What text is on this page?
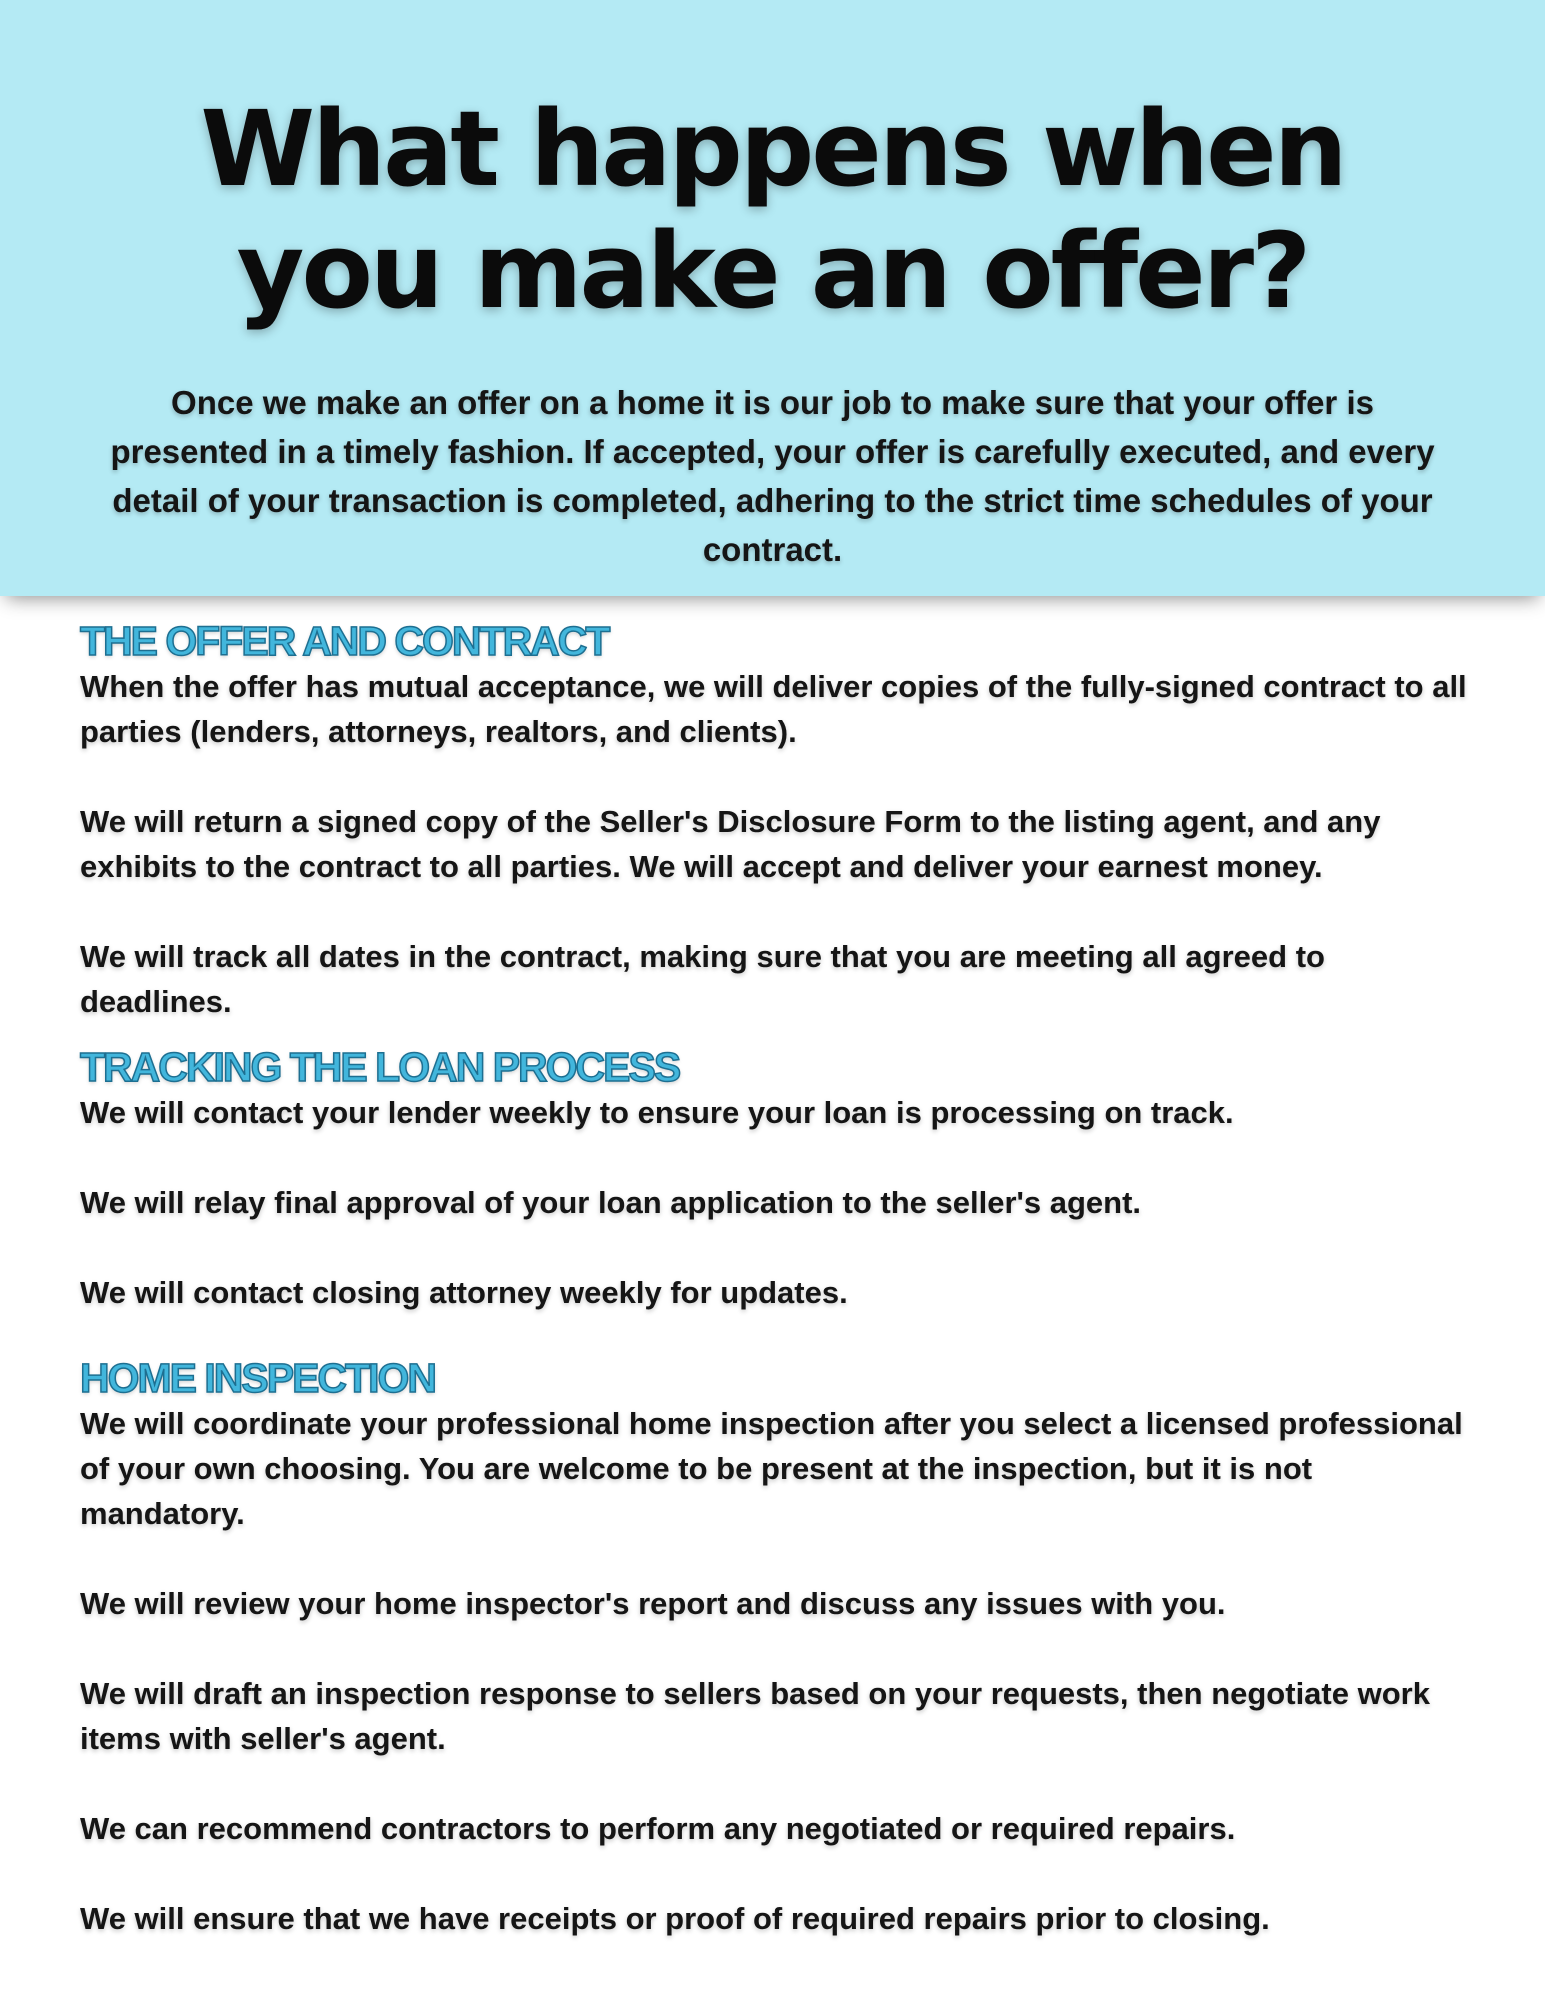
What happens when
you make an offer?

Once we make an offer on a home it is our job to make sure that your offer is presented in a timely fashion. If accepted, your offer is carefully executed, and every detail of your transaction is completed, adhering to the strict time schedules of your contract.

THE OFFER AND CONTRACT

When the offer has mutual acceptance, we will deliver copies of the fully-signed contract to all parties (lenders, attorneys, realtors, and clients).

We will return a signed copy of the Seller's Disclosure Form to the listing agent, and any exhibits to the contract to all parties. We will accept and deliver your earnest money.

We will track all dates in the contract, making sure that you are meeting all agreed to deadlines.

TRACKING THE LOAN PROCESS

We will contact your lender weekly to ensure your loan is processing on track.

We will relay final approval of your loan application to the seller's agent.

We will contact closing attorney weekly for updates.

HOME INSPECTION

We will coordinate your professional home inspection after you select a licensed professional of your own choosing. You are welcome to be present at the inspection, but it is not mandatory.

We will review your home inspector's report and discuss any issues with you.

We will draft an inspection response to sellers based on your requests, then negotiate work items with seller's agent.

We can recommend contractors to perform any negotiated or required repairs.

We will ensure that we have receipts or proof of required repairs prior to closing.
